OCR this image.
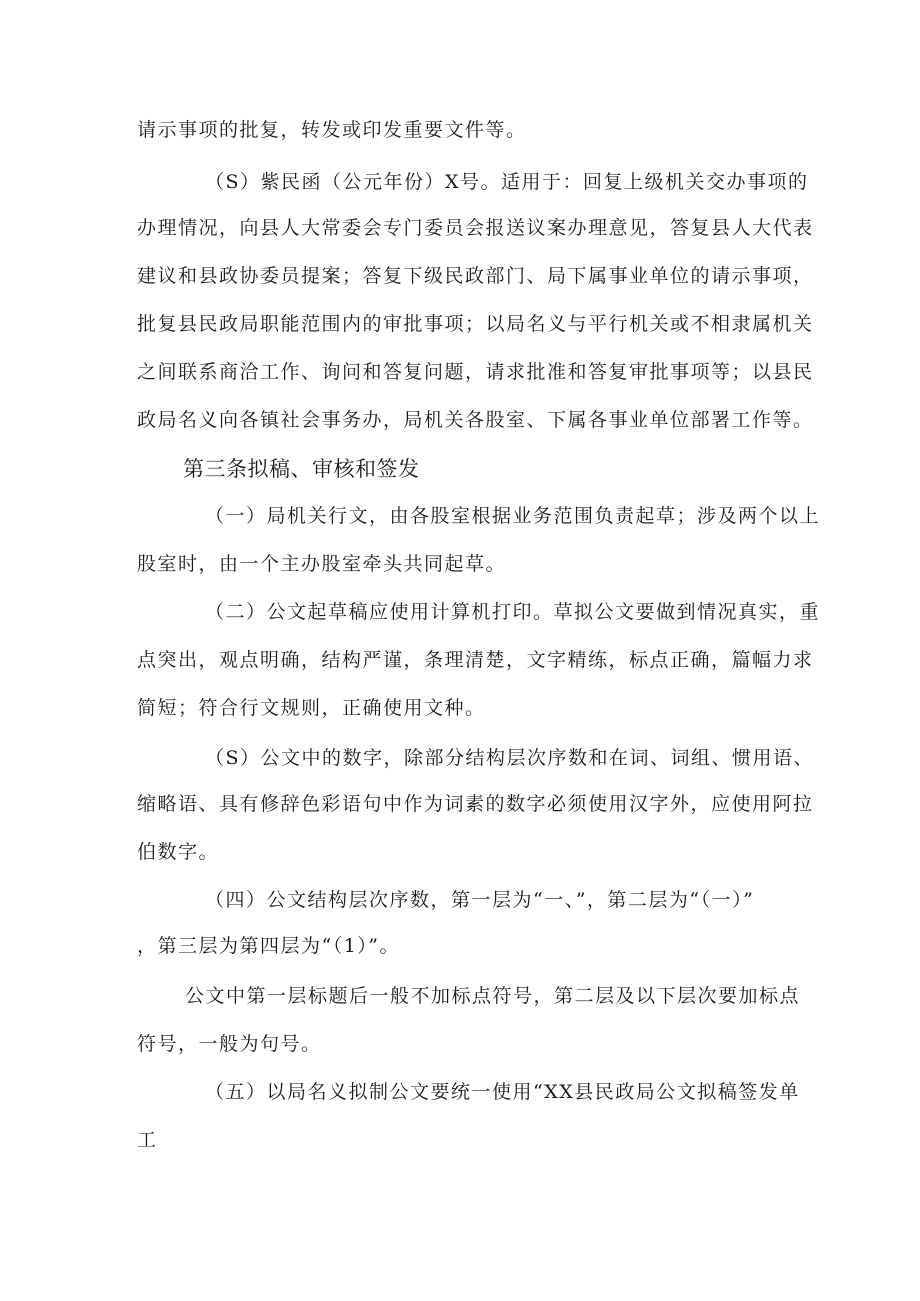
请示事项的批复，转发或印发重要文件等。

（S）紫民函（公元年份）X号。适用于：回复上级机关交办事项的

办理情况，向县人大常委会专门委员会报送议案办理意见，答复县人大代表

建议和县政协委员提案；答复下级民政部门、局下属事业单位的请示事项，

批复县民政局职能范围内的审批事项；以局名义与平行机关或不相隶属机关

之间联系商洽工作、询问和答复问题，请求批准和答复审批事项等；以县民

政局名义向各镇社会事务办，局机关各股室、下属各事业单位部署工作等。

第三条拟稿、审核和签发

（一）局机关行文，由各股室根据业务范围负责起草；涉及两个以上

股室时，由一个主办股室牵头共同起草。

（二）公文起草稿应使用计算机打印。草拟公文要做到情况真实，重

点突出，观点明确，结构严谨，条理清楚，文字精练，标点正确，篇幅力求

简短；符合行文规则，正确使用文种。

（S）公文中的数字，除部分结构层次序数和在词、词组、惯用语、

缩略语、具有修辞色彩语句中作为词素的数字必须使用汉字外，应使用阿拉

伯数字。

（四）公文结构层次序数，第一层为“一、”，第二层为“（一）”

，第三层为第四层为“（1）”。

公文中第一层标题后一般不加标点符号，第二层及以下层次要加标点

符号，一般为句号。

（五）以局名义拟制公文要统一使用“XX县民政局公文拟稿签发单

工
